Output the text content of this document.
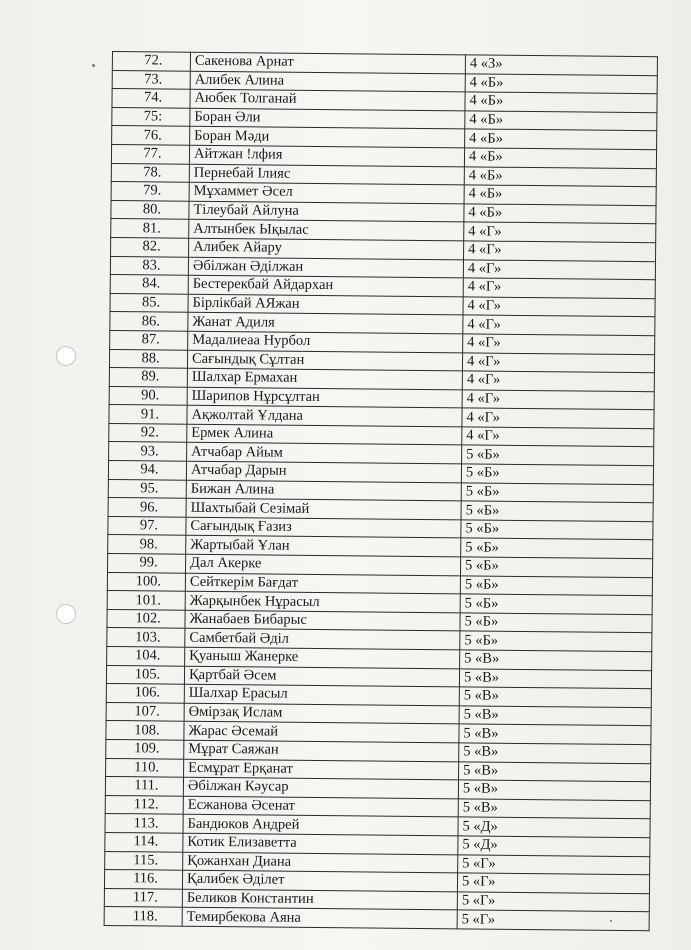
72.	Сакенова Арнат	4 «З»
73.	Алибек Алина	4 «Б»
74.	Аюбек Толганай	4 «Б»
75:	Боран Әли	4 «Б»
76.	Боран Мәди	4 «Б»
77.	Айтжан !лфия	4 «Б»
78.	Пернебай Ілияс	4 «Б»
79.	Мұхаммет Әсел	4 «Б»
80.	Тілеубай Айлуна	4 «Б»
81.	Алтынбек Ықылас	4 «Г»
82.	Алибек Айару	4 «Г»
83.	Әбілжан Әділжан	4 «Г»
84.	Бестерекбай Айдархан	4 «Г»
85.	Бірлікбай АЯжан	4 «Г»
86.	Жанат Адиля	4 «Г»
87.	Мадалиеаа Нурбол	4 «Г»
88.	Сағындық Сұлтан	4 «Г»
89.	Шалхар Ермахан	4 «Г»
90.	Шарипов Нұрсұлтан	4 «Г»
91.	Ақжолтай Ұлдана	4 «Г»
92.	Ермек Алина	4 «Г»
93.	Атчабар Айым	5 «Б»
94.	Атчабар Дарын	5 «Б»
95.	Бижан Алина	5 «Б»
96.	Шахтыбай Сезімай	5 «Б»
97.	Сағындық Ғазиз	5 «Б»
98.	Жартыбай Ұлан	5 «Б»
99.	Дал Акерке	5 «Б»
100.	Сейткерім Бағдат	5 «Б»
101.	Жарқынбек Нұрасыл	5 «Б»
102.	Жанабаев Бибарыс	5 «Б»
103.	Самбетбай Әділ	5 «Б»
104.	Қуаныш Жанерке	5 «В»
105.	Қартбай Әсем	5 «В»
106.	Шалхар Ерасыл	5 «В»
107.	Өмірзақ Ислам	5 «В»
108.	Жарас Әсемай	5 «В»
109.	Мұрат Саяжан	5 «В»
110.	Есмұрат Ерқанат	5 «В»
111.	Әбілжан Кәусар	5 «В»
112.	Есжанова Әсенат	5 «В»
113.	Бандюков Андрей	5 «Д»
114.	Котик Елизаветта	5 «Д»
115.	Қожанхан Диана	5 «Г»
116.	Қалибек Әділет	5 «Г»
117.	Беликов Константин	5 «Г»
118.	Темирбекова Аяна	5 «Г»
